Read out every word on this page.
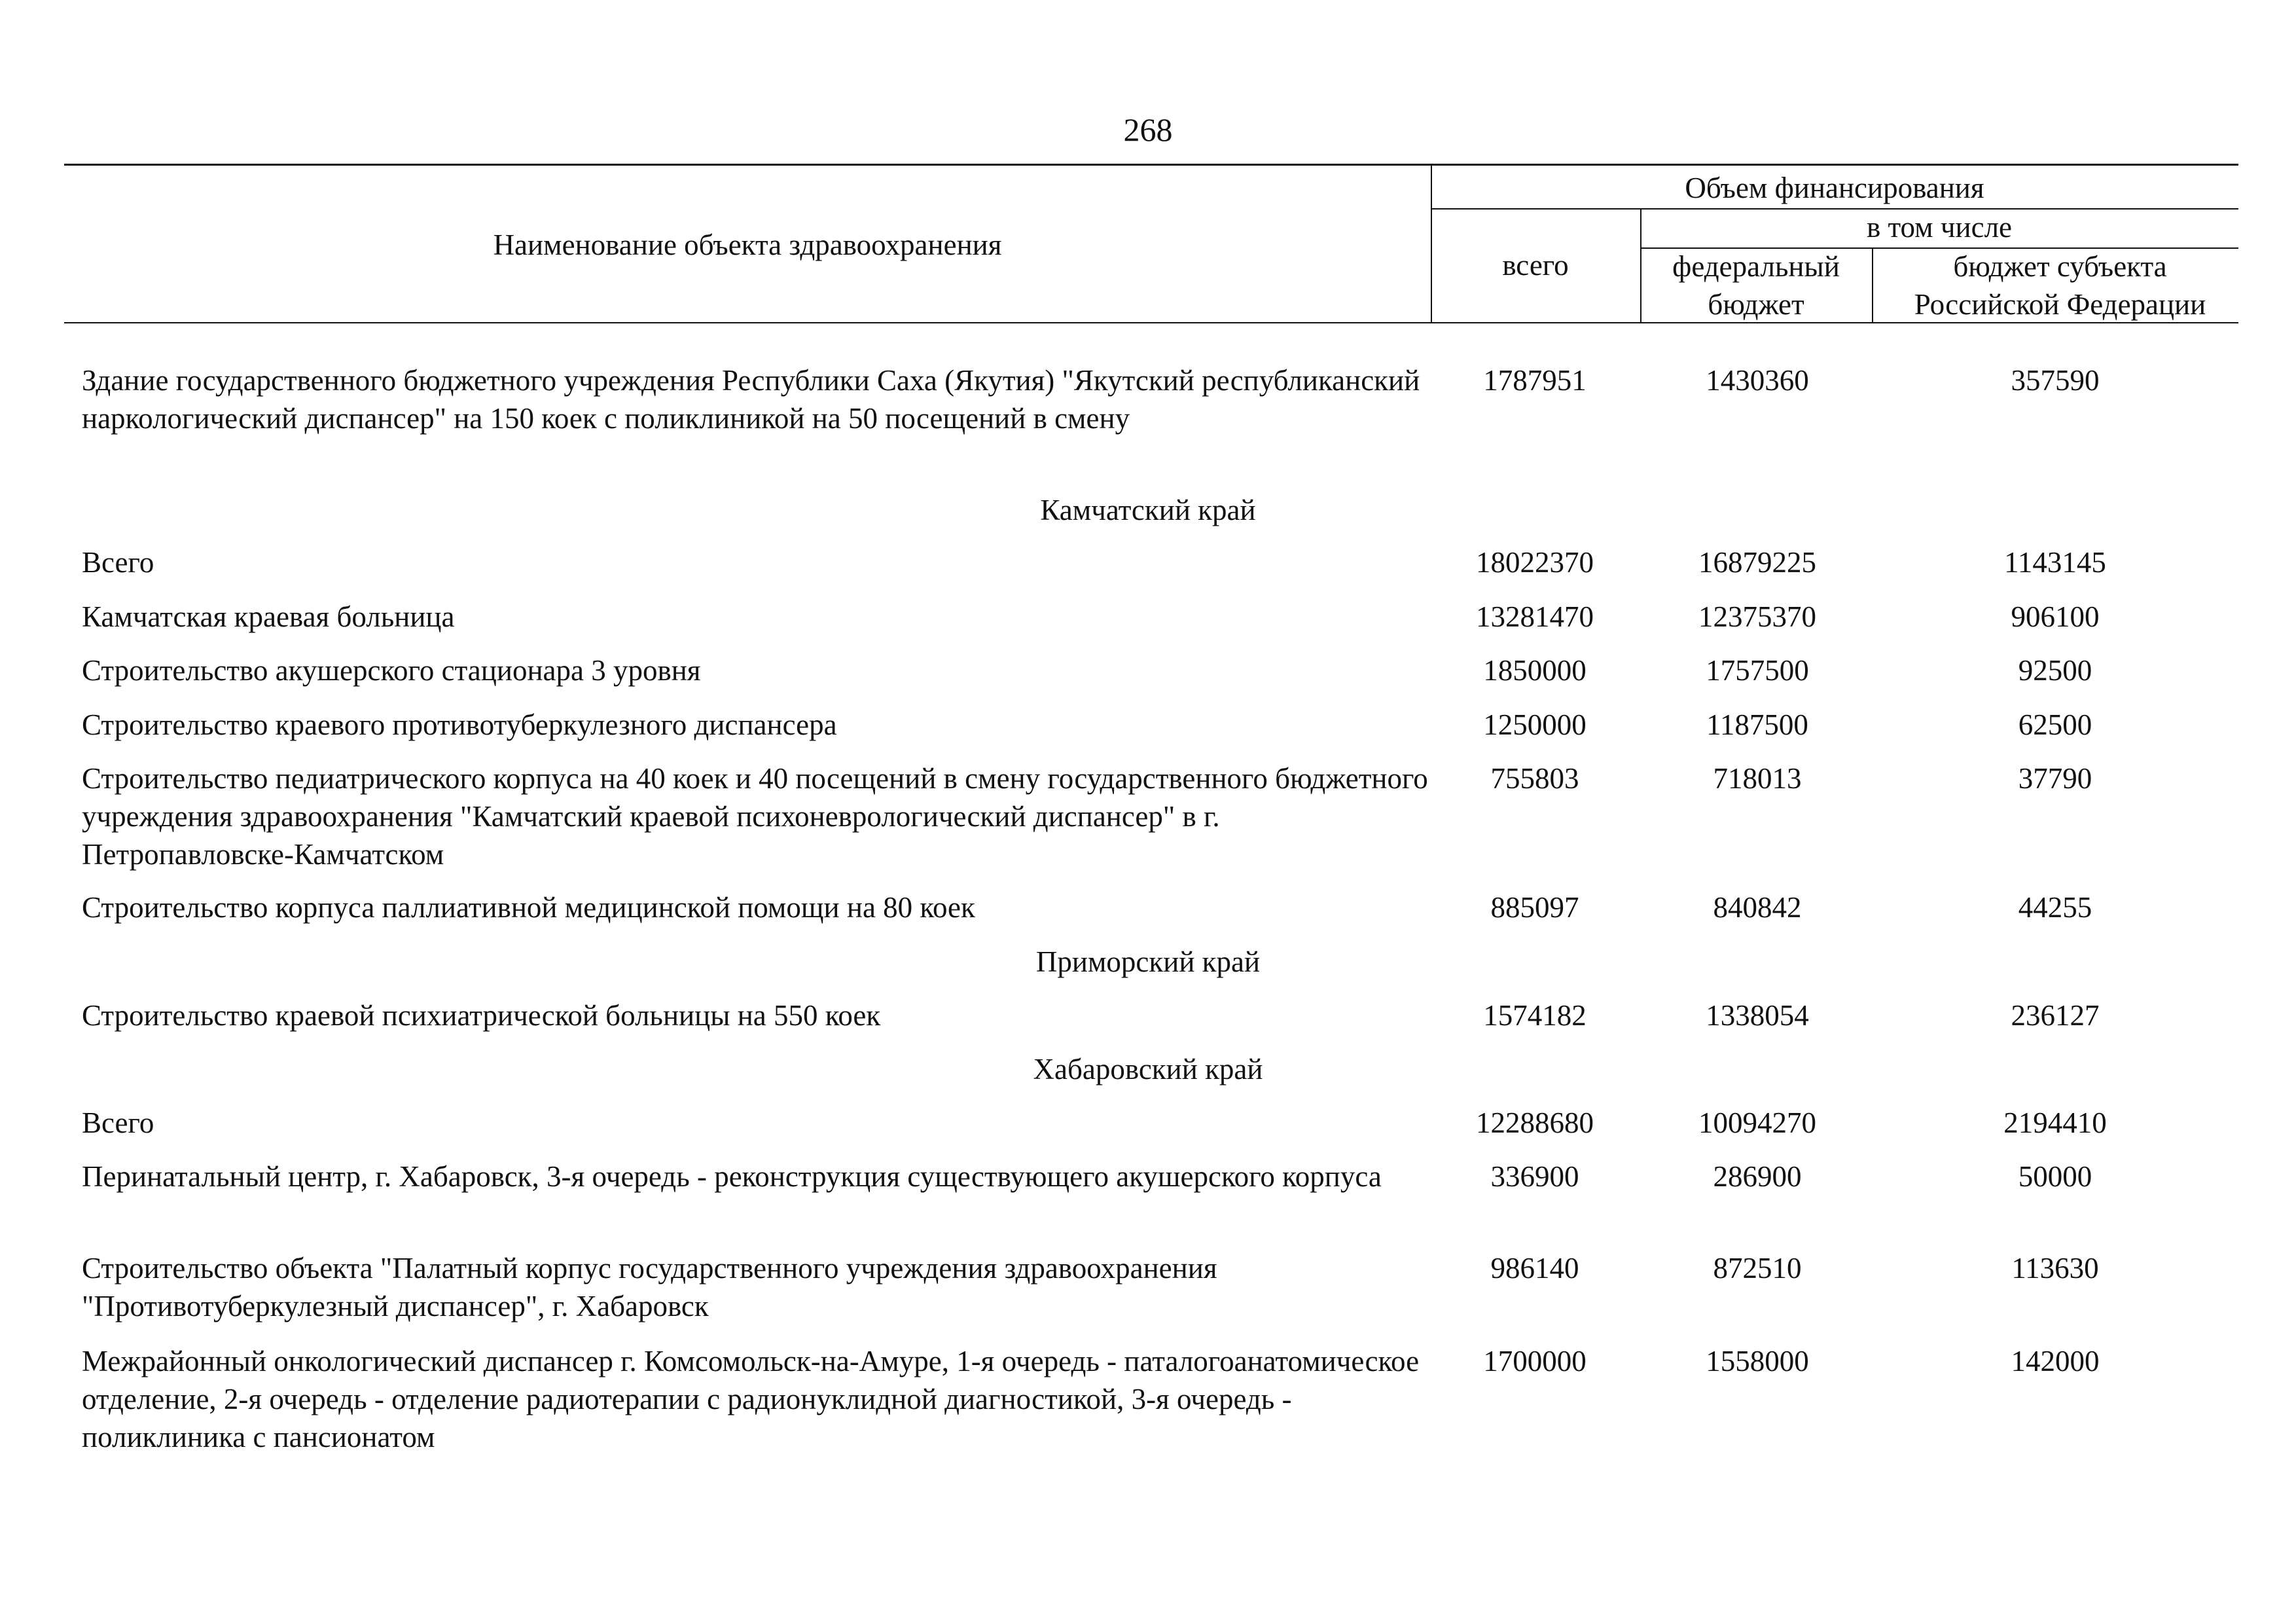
268
Наименование объекта здравоохранения
Объем финансирования
всего
в том числе
федеральный бюджет
бюджет субъекта Российской Федерации
Здание государственного бюджетного учреждения Республики Саха (Якутия) "Якутский республиканский наркологический диспансер" на 150 коек с поликлиникой на 50 посещений в смену
1787951	1430360	357590
Камчатский край
Всего	18022370	16879225	1143145
Камчатская краевая больница	13281470	12375370	906100
Строительство акушерского стационара 3 уровня	1850000	1757500	92500
Строительство краевого противотуберкулезного диспансера	1250000	1187500	62500
Строительство педиатрического корпуса на 40 коек и 40 посещений в смену государственного бюджетного учреждения здравоохранения "Камчатский краевой психоневрологический диспансер" в г. Петропавловске-Камчатском
755803	718013	37790
Строительство корпуса паллиативной медицинской помощи на 80 коек	885097	840842	44255
Приморский край
Строительство краевой психиатрической больницы на 550 коек	1574182	1338054	236127
Хабаровский край
Всего	12288680	10094270	2194410
Перинатальный центр, г. Хабаровск, 3-я очередь - реконструкция существующего акушерского корпуса	336900	286900	50000
Строительство объекта "Палатный корпус государственного учреждения здравоохранения "Противотуберкулезный диспансер", г. Хабаровск
986140	872510	113630
Межрайонный онкологический диспансер г. Комсомольск-на-Амуре, 1-я очередь - паталогоанатомическое отделение, 2-я очередь - отделение радиотерапии с радионуклидной диагностикой, 3-я очередь - поликлиника с пансионатом
1700000	1558000	142000
